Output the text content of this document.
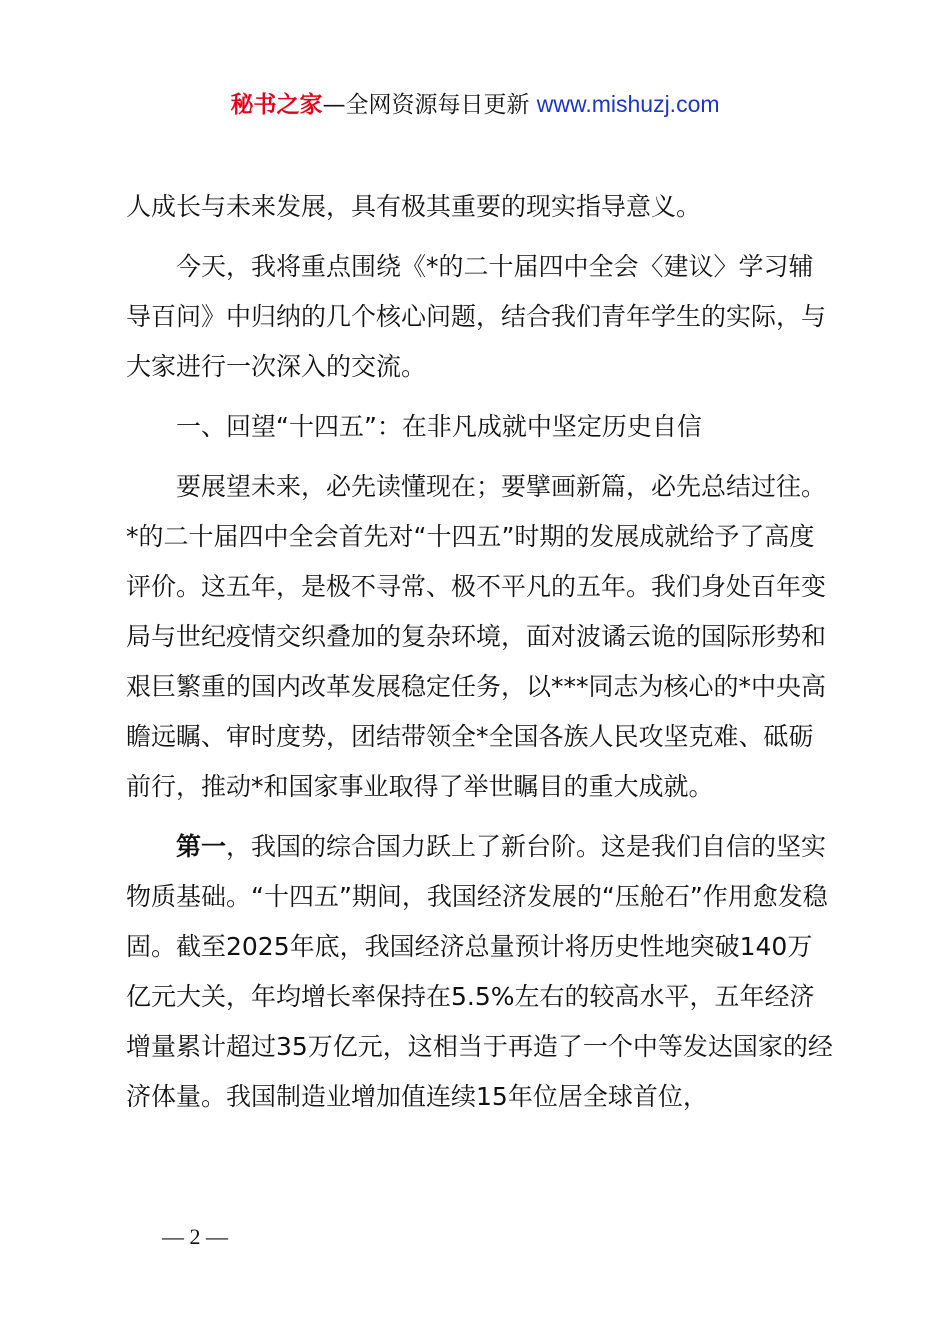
秘书之家—全网资源每日更新 www.mishuzj.com

人成长与未来发展，具有极其重要的现实指导意义。

今天，我将重点围绕《*的二十届四中全会〈建议〉学习辅导百问》中归纳的几个核心问题，结合我们青年学生的实际，与大家进行一次深入的交流。

一、回望“十四五”：在非凡成就中坚定历史自信

要展望未来，必先读懂现在；要擘画新篇，必先总结过往。*的二十届四中全会首先对“十四五”时期的发展成就给予了高度评价。这五年，是极不寻常、极不平凡的五年。我们身处百年变局与世纪疫情交织叠加的复杂环境，面对波谲云诡的国际形势和艰巨繁重的国内改革发展稳定任务，以***同志为核心的*中央高瞻远瞩、审时度势，团结带领全*全国各族人民攻坚克难、砥砺前行，推动*和国家事业取得了举世瞩目的重大成就。

第一，我国的综合国力跃上了新台阶。这是我们自信的坚实物质基础。“十四五”期间，我国经济发展的“压舱石”作用愈发稳固。截至2025年底，我国经济总量预计将历史性地突破140万亿元大关，年均增长率保持在5.5%左右的较高水平，五年经济增量累计超过35万亿元，这相当于再造了一个中等发达国家的经济体量。我国制造业增加值连续15年位居全球首位，

— 2 —
